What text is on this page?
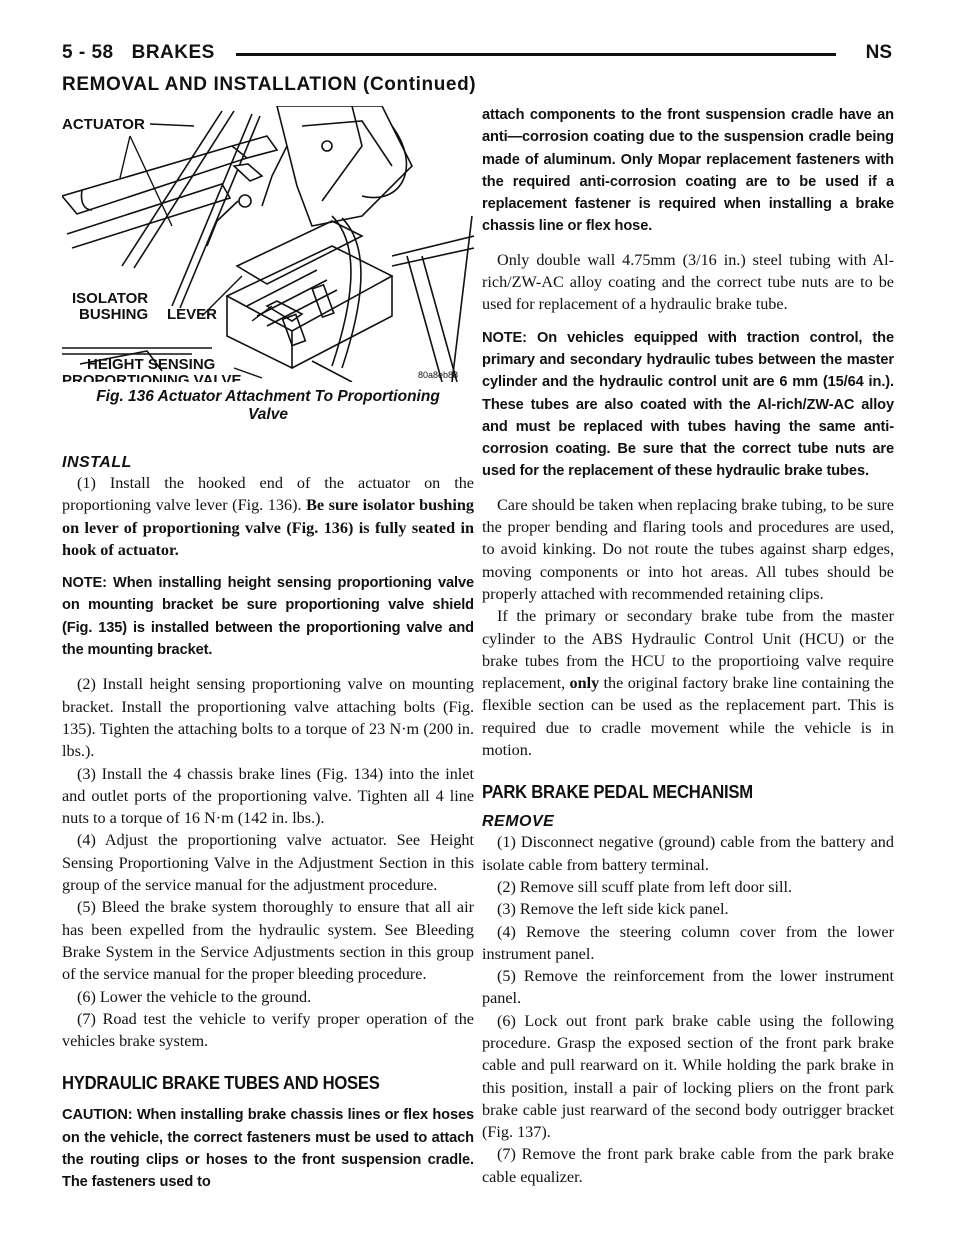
5 - 58 BRAKES	NS
REMOVAL AND INSTALLATION (Continued)
ACTUATOR
ISOLATOR
BUSHING LEVER
HEIGHT SENSING
PROPORTIONING VALVE	80a8eb88
Fig. 136 Actuator Attachment To Proportioning
Valve
INSTALL

(1) Install the hooked end of the actuator on the proportioning valve lever (Fig. 136). Be sure isolator bushing on lever of proportioning valve (Fig. 136) is fully seated in hook of actuator.

NOTE: When installing height sensing proportioning valve on mounting bracket be sure proportioning valve shield (Fig. 135) is installed between the proportioning valve and the mounting bracket.

(2) Install height sensing proportioning valve on mounting bracket. Install the proportioning valve attaching bolts (Fig. 135). Tighten the attaching bolts to a torque of 23 N·m (200 in. lbs.).

(3) Install the 4 chassis brake lines (Fig. 134) into the inlet and outlet ports of the proportioning valve. Tighten all 4 line nuts to a torque of 16 N·m (142 in. lbs.).

(4) Adjust the proportioning valve actuator. See Height Sensing Proportioning Valve in the Adjustment Section in this group of the service manual for the adjustment procedure.

(5) Bleed the brake system thoroughly to ensure that all air has been expelled from the hydraulic system. See Bleeding Brake System in the Service Adjustments section in this group of the service manual for the proper bleeding procedure.

(6) Lower the vehicle to the ground.

(7) Road test the vehicle to verify proper operation of the vehicles brake system.

HYDRAULIC BRAKE TUBES AND HOSES

CAUTION: When installing brake chassis lines or flex hoses on the vehicle, the correct fasteners must be used to attach the routing clips or hoses to the front suspension cradle. The fasteners used to

attach components to the front suspension cradle have an anti—corrosion coating due to the suspension cradle being made of aluminum. Only Mopar replacement fasteners with the required anti-corrosion coating are to be used if a replacement fastener is required when installing a brake chassis line or flex hose.

Only double wall 4.75mm (3/16 in.) steel tubing with Al-rich/ZW-AC alloy coating and the correct tube nuts are to be used for replacement of a hydraulic brake tube.

NOTE: On vehicles equipped with traction control, the primary and secondary hydraulic tubes between the master cylinder and the hydraulic control unit are 6 mm (15/64 in.). These tubes are also coated with the Al-rich/ZW-AC alloy and must be replaced with tubes having the same anti-corrosion coating. Be sure that the correct tube nuts are used for the replacement of these hydraulic brake tubes.

Care should be taken when replacing brake tubing, to be sure the proper bending and flaring tools and procedures are used, to avoid kinking. Do not route the tubes against sharp edges, moving components or into hot areas. All tubes should be properly attached with recommended retaining clips.

If the primary or secondary brake tube from the master cylinder to the ABS Hydraulic Control Unit (HCU) or the brake tubes from the HCU to the proportioing valve require replacement, only the original factory brake line containing the flexible section can be used as the replacement part. This is required due to cradle movement while the vehicle is in motion.

PARK BRAKE PEDAL MECHANISM
REMOVE

(1) Disconnect negative (ground) cable from the battery and isolate cable from battery terminal.

(2) Remove sill scuff plate from left door sill.

(3) Remove the left side kick panel.

(4) Remove the steering column cover from the lower instrument panel.

(5) Remove the reinforcement from the lower instrument panel.

(6) Lock out front park brake cable using the following procedure. Grasp the exposed section of the front park brake cable and pull rearward on it. While holding the park brake in this position, install a pair of locking pliers on the front park brake cable just rearward of the second body outrigger bracket (Fig. 137).

(7) Remove the front park brake cable from the park brake cable equalizer.
